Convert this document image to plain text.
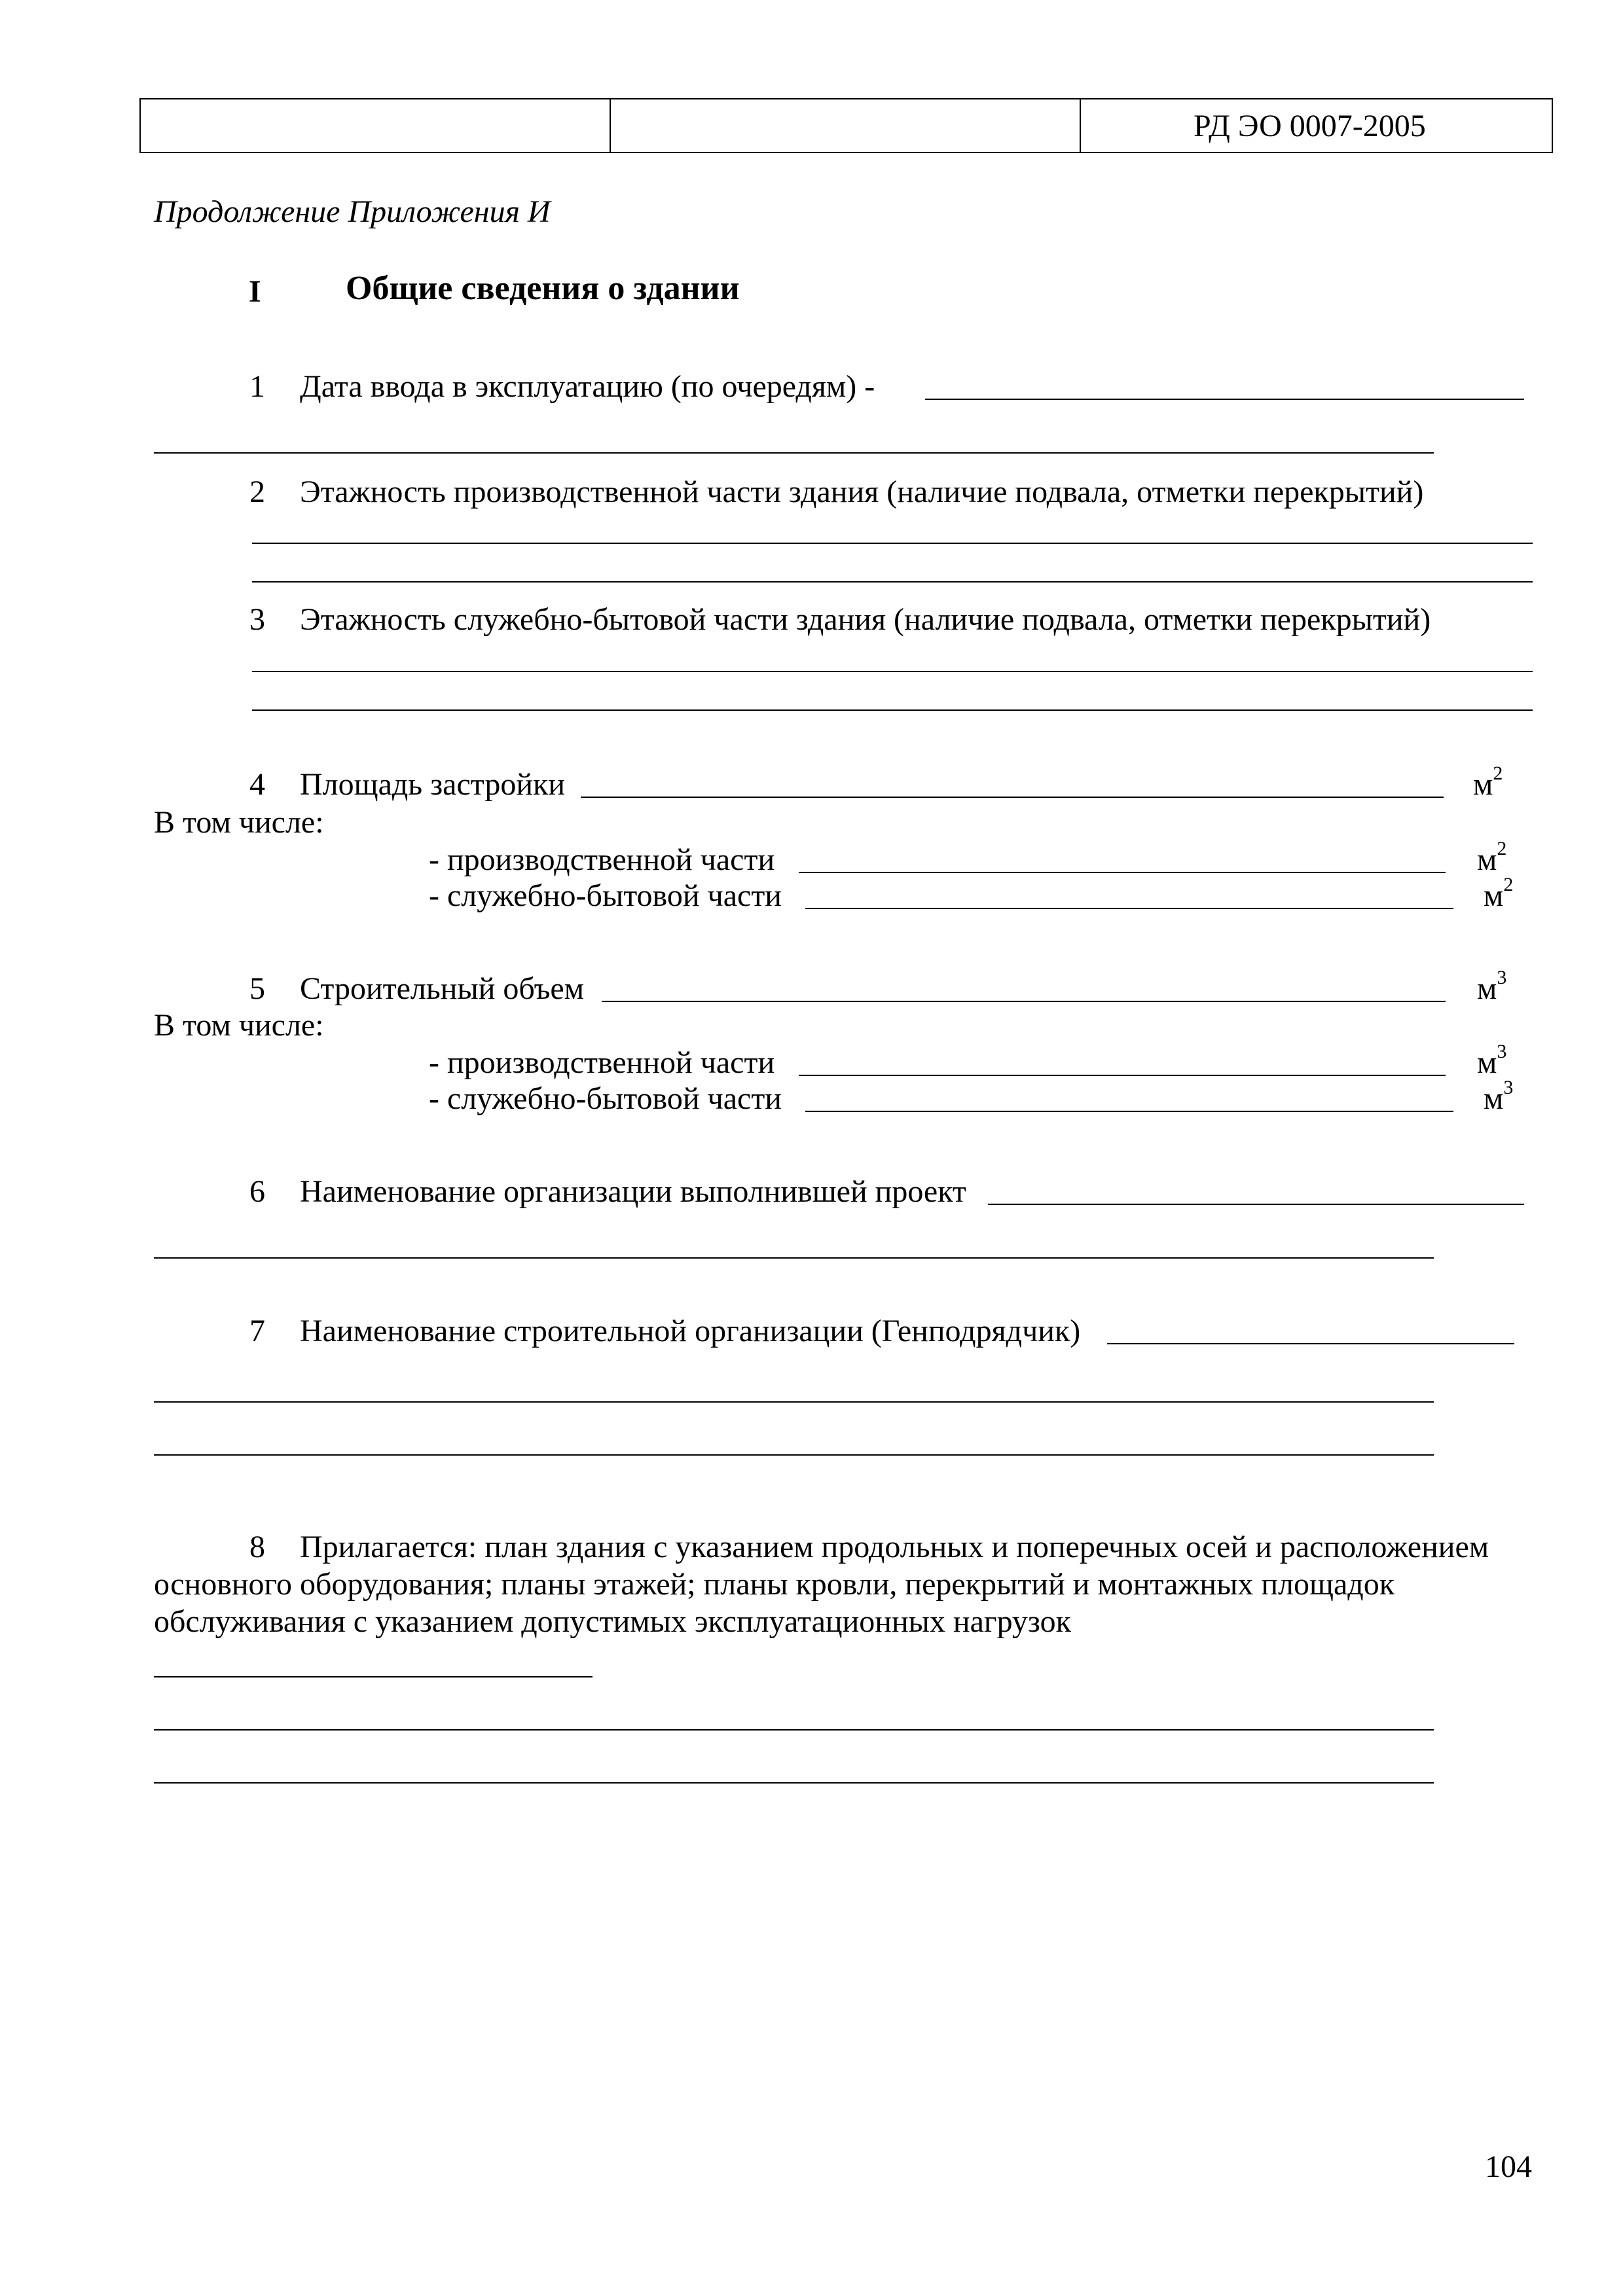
РД ЭО 0007-2005
Продолжение Приложения И
I Общие сведения о здании
1 Дата ввода в эксплуатацию (по очередям) -
2 Этажность производственной части здания (наличие подвала, отметки перекрытий)
3 Этажность служебно-бытовой части здания (наличие подвала, отметки перекрытий)
4 Площадь застройки	$м^2$
В том числе:
- производственной части	$м^2$
- служебно-бытовой части	$м^2$
5 Строительный объем	$м^3$
В том числе:
- производственной части	$м^3$
- служебно-бытовой части	$м^3$
6 Наименование организации выполнившей проект
7 Наименование строительной организации (Генподрядчик)
8 Прилагается: план здания с указанием продольных и поперечных осей и расположением
основного оборудования; планы этажей; планы кровли, перекрытий и монтажных площадок
обслуживания с указанием допустимых эксплуатационных нагрузок
104
